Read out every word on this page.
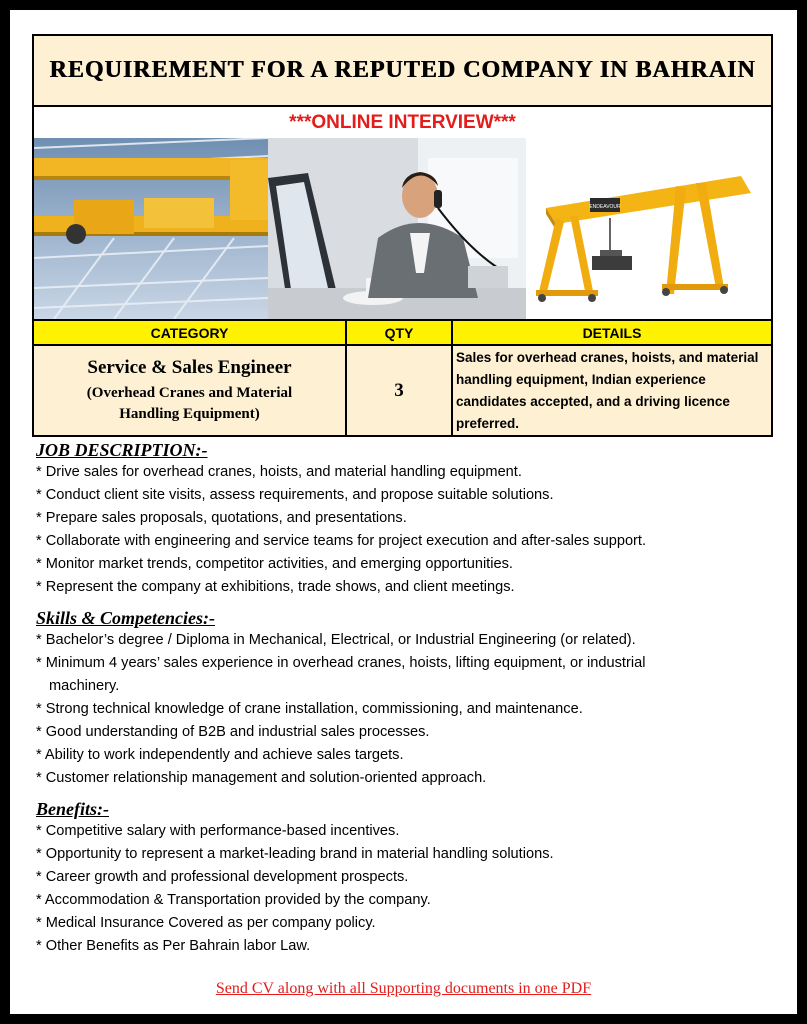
REQUIREMENT FOR A REPUTED COMPANY IN BAHRAIN
***ONLINE INTERVIEW***
ENDEAVOUR
CATEGORY	QTY	DETAILS
Service & Sales Engineer
(Overhead Cranes and Material
Handling Equipment)
3
Sales for overhead cranes, hoists, and material handling equipment, Indian experience candidates accepted, and a driving licence preferred.

JOB DESCRIPTION:-

* Drive sales for overhead cranes, hoists, and material handling equipment.
* Conduct client site visits, assess requirements, and propose suitable solutions.
* Prepare sales proposals, quotations, and presentations.
* Collaborate with engineering and service teams for project execution and after-sales support.
* Monitor market trends, competitor activities, and emerging opportunities.
* Represent the company at exhibitions, trade shows, and client meetings.

Skills & Competencies:-

* Bachelor’s degree / Diploma in Mechanical, Electrical, or Industrial Engineering (or related).
* Minimum 4 years’ sales experience in overhead cranes, hoists, lifting equipment, or industrial machinery.
* Strong technical knowledge of crane installation, commissioning, and maintenance.
* Good understanding of B2B and industrial sales processes.
* Ability to work independently and achieve sales targets.
* Customer relationship management and solution-oriented approach.

Benefits:-

* Competitive salary with performance-based incentives.
* Opportunity to represent a market-leading brand in material handling solutions.
* Career growth and professional development prospects.
* Accommodation & Transportation provided by the company.
* Medical Insurance Covered as per company policy.
* Other Benefits as Per Bahrain labor Law.
Send CV along with all Supporting documents in one PDF
